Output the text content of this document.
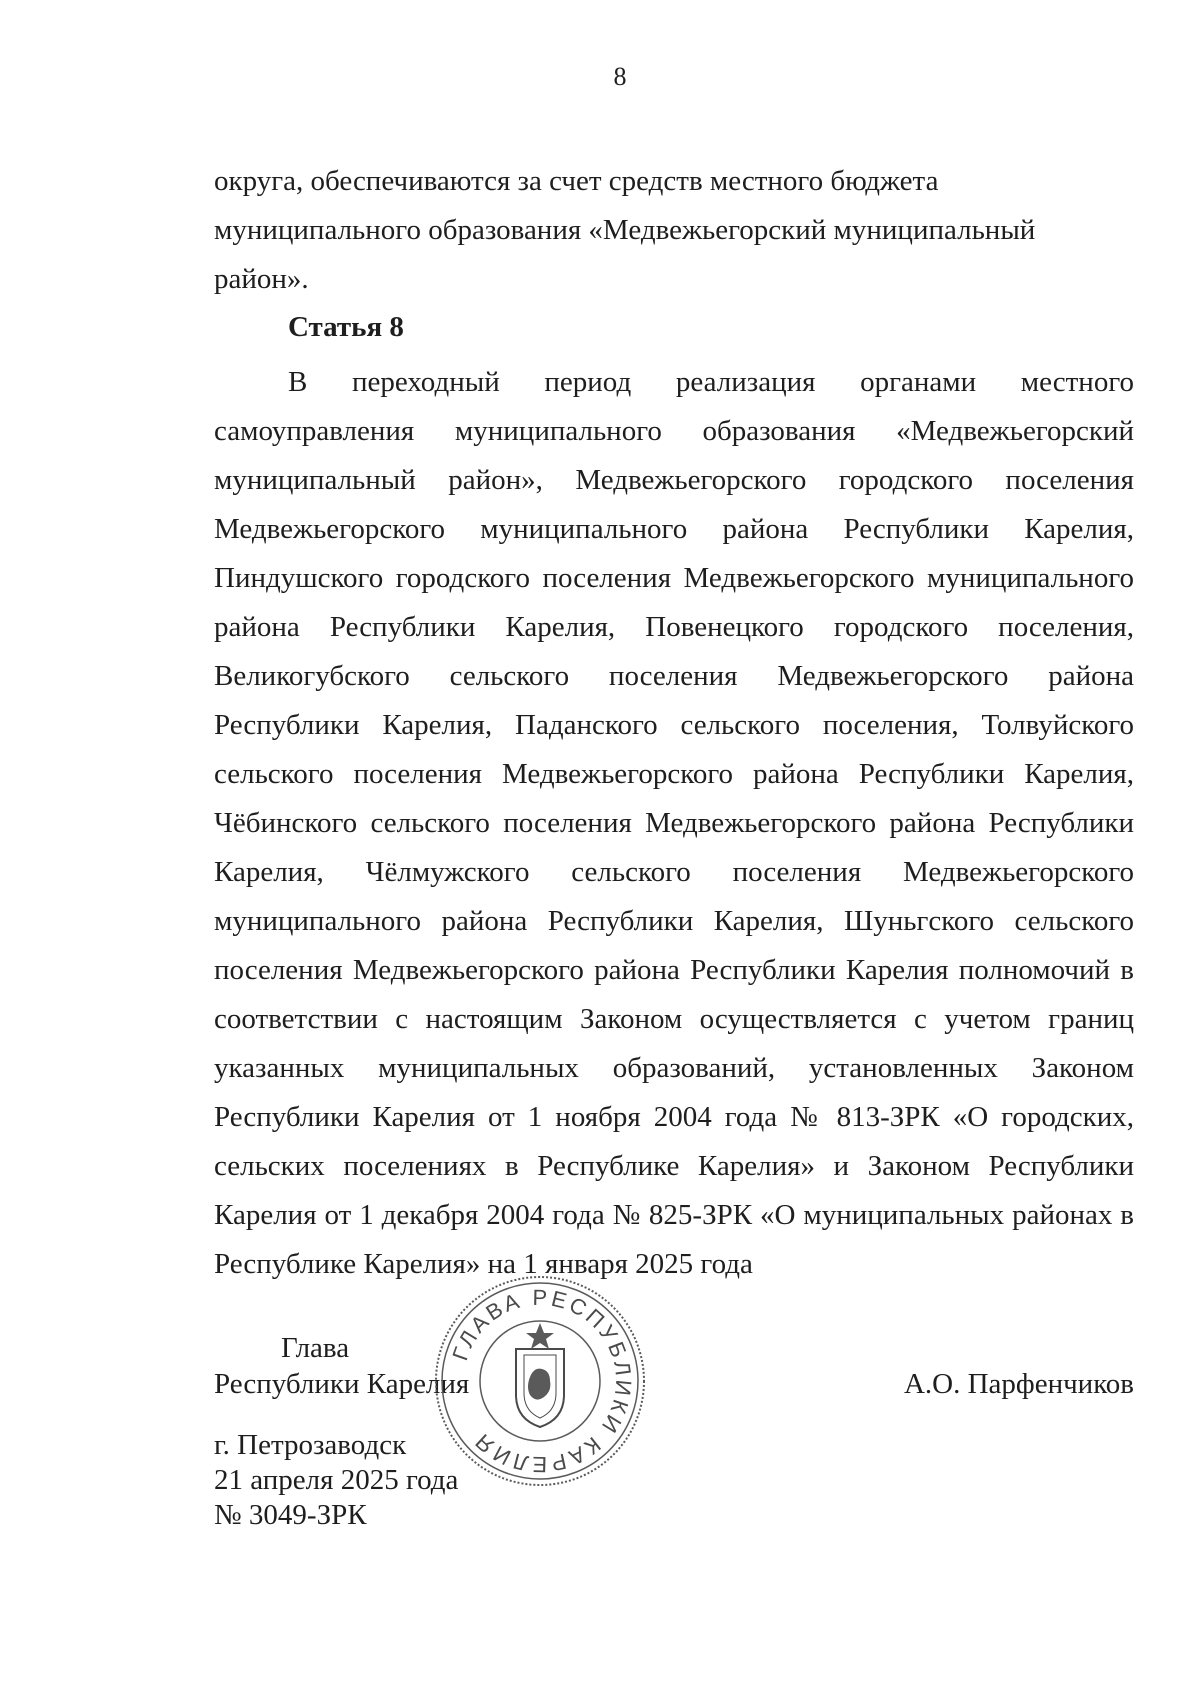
8

округа, обеспечиваются за счет средств местного бюджета муниципального образования «Медвежьегорский муниципальный район».

Статья 8

В переходный период реализация органами местного самоуправления муниципального образования «Медвежьегорский муниципальный район», Медвежьегорского городского поселения Медвежьегорского муниципального района Республики Карелия, Пиндушского городского поселения Медвежьегорского муниципального района Республики Карелия, Повенецкого городского поселения, Великогубского сельского поселения Медвежьегорского района Республики Карелия, Паданского сельского поселения, Толвуйского сельского поселения Медвежьегорского района Республики Карелия, Чёбинского сельского поселения Медвежьегорского района Республики Карелия, Чёлмужского сельского поселения Медвежьегорского муниципального района Республики Карелия, Шуньгского сельского поселения Медвежьегорского района Республики Карелия полномочий в соответствии с настоящим Законом осуществляется с учетом границ указанных муниципальных образований, установленных Законом Республики Карелия от 1 ноября 2004 года № 813-ЗРК «О городских, сельских поселениях в Республике Карелия» и Законом Республики Карелия от 1 декабря 2004 года № 825-ЗРК «О муниципальных районах в Республике Карелия» на 1 января 2025 года

Глава
Республики Карелия
ГЛАВА РЕСПУБЛИКИ КАРЕЛИЯ
А.О. Парфенчиков
г. Петрозаводск
21 апреля 2025 года
№ 3049-ЗРК
